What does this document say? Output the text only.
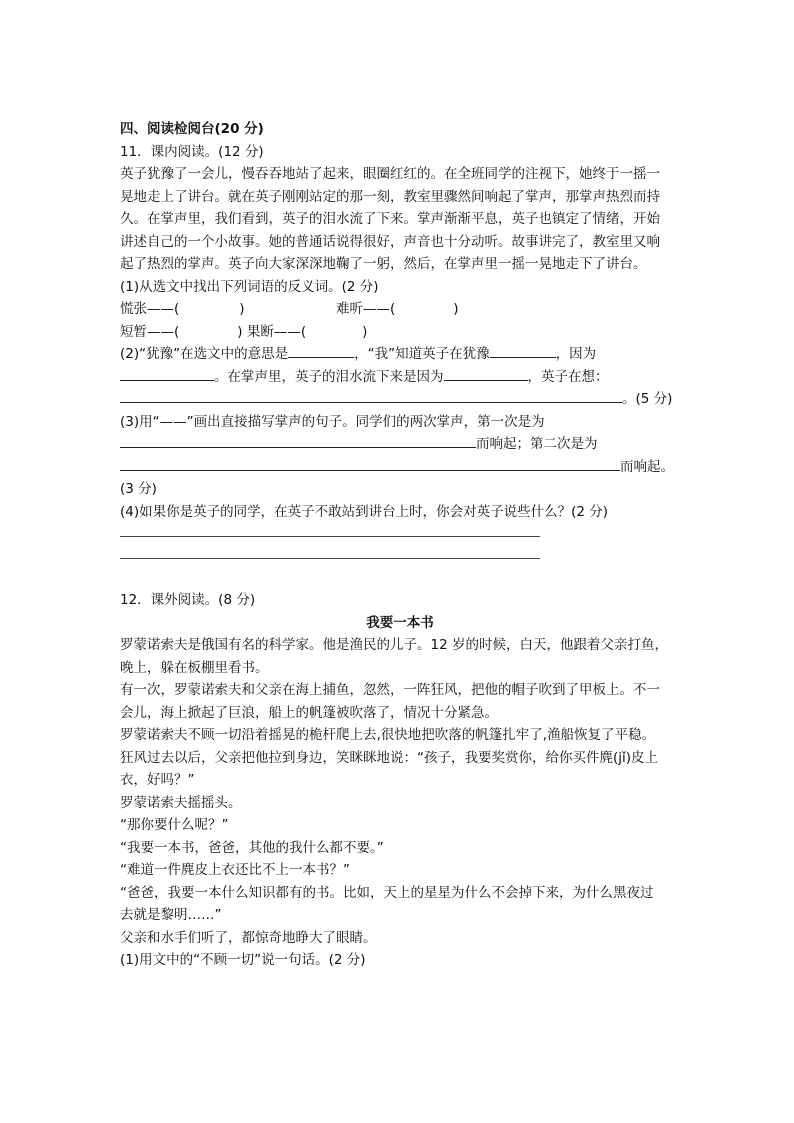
四、阅读检阅台(20 分)
11．课内阅读。(12 分)
英子犹豫了一会儿，慢吞吞地站了起来，眼圈红红的。在全班同学的注视下，她终于一摇一
晃地走上了讲台。就在英子刚刚站定的那一刻，教室里骤然间响起了掌声，那掌声热烈而持
久。在掌声里，我们看到，英子的泪水流了下来。掌声渐渐平息，英子也镇定了情绪，开始
讲述自己的一个小故事。她的普通话说得很好，声音也十分动听。故事讲完了，教室里又响
起了热烈的掌声。英子向大家深深地鞠了一躬，然后，在掌声里一摇一晃地走下了讲台。
(1)从选文中找出下列词语的反义词。(2 分)
慌张——(	)	难听——(	)
短暂——(	) 果断——(	)
(2)“犹豫”在选文中的意思是	，“我”知道英子在犹豫	，因为
。在掌声里，英子的泪水流下来是因为	，英子在想：
。(5 分)
(3)用“——”画出直接描写掌声的句子。同学们的两次掌声，第一次是为
而响起；第二次是为
而响起。
(3 分)
(4)如果你是英子的同学，在英子不敢站到讲台上时，你会对英子说些什么？(2 分)
12．课外阅读。(8 分)
我要一本书
罗蒙诺索夫是俄国有名的科学家。他是渔民的儿子。12 岁的时候，白天，他跟着父亲打鱼，
晚上，躲在板棚里看书。
有一次，罗蒙诺索夫和父亲在海上捕鱼，忽然，一阵狂风，把他的帽子吹到了甲板上。不一
会儿，海上掀起了巨浪，船上的帆篷被吹落了，情况十分紧急。
罗蒙诺索夫不顾一切沿着摇晃的桅杆爬上去,很快地把吹落的帆篷扎牢了,渔船恢复了平稳。
狂风过去以后，父亲把他拉到身边，笑眯眯地说：“孩子，我要奖赏你，给你买件麂(jǐ)皮上
衣，好吗？”
罗蒙诺索夫摇摇头。
“那你要什么呢？”
“我要一本书，爸爸，其他的我什么都不要。”
“难道一件麂皮上衣还比不上一本书？”
“爸爸，我要一本什么知识都有的书。比如，天上的星星为什么不会掉下来，为什么黑夜过
去就是黎明……”
父亲和水手们听了，都惊奇地睁大了眼睛。
(1)用文中的“不顾一切”说一句话。(2 分)
